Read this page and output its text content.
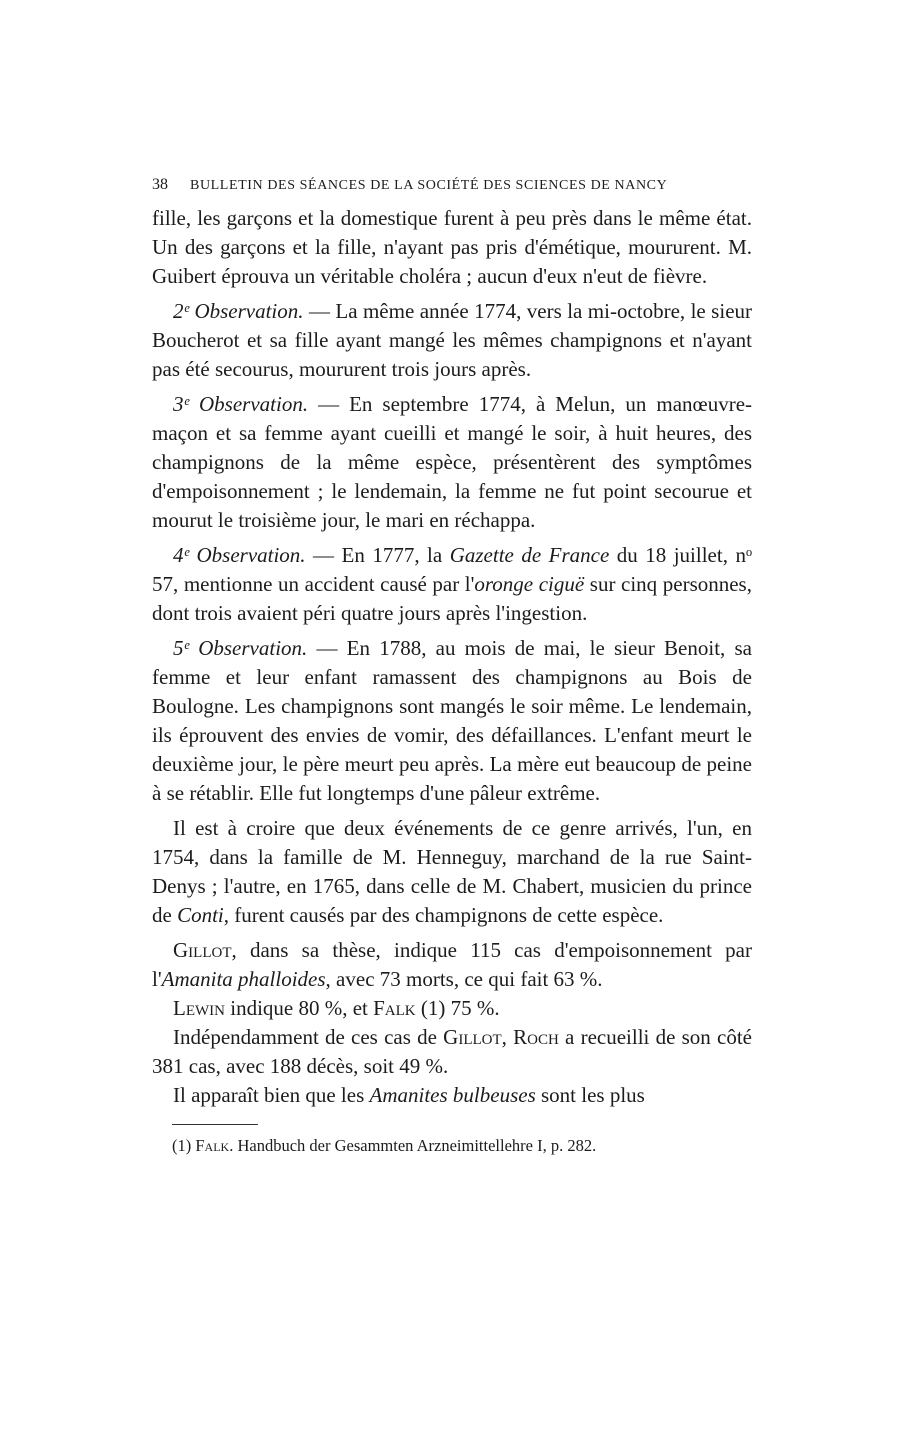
38 BULLETIN DES SÉANCES DE LA SOCIÉTÉ DES SCIENCES DE NANCY

fille, les garçons et la domestique furent à peu près dans le même état. Un des garçons et la fille, n'ayant pas pris d'émétique, moururent. M. Guibert éprouva un véritable choléra ; aucun d'eux n'eut de fièvre.

2ᵉ Observation. — La même année 1774, vers la mi-octobre, le sieur Boucherot et sa fille ayant mangé les mêmes champignons et n'ayant pas été secourus, moururent trois jours après.

3ᵉ Observation. — En septembre 1774, à Melun, un manœuvre-maçon et sa femme ayant cueilli et mangé le soir, à huit heures, des champignons de la même espèce, présentèrent des symptômes d'empoisonnement ; le lendemain, la femme ne fut point secourue et mourut le troisième jour, le mari en réchappa.

4ᵉ Observation. — En 1777, la Gazette de France du 18 juillet, nᵒ 57, mentionne un accident causé par l'oronge ciguë sur cinq personnes, dont trois avaient péri quatre jours après l'ingestion.

5ᵉ Observation. — En 1788, au mois de mai, le sieur Benoit, sa femme et leur enfant ramassent des champignons au Bois de Boulogne. Les champignons sont mangés le soir même. Le lendemain, ils éprouvent des envies de vomir, des défaillances. L'enfant meurt le deuxième jour, le père meurt peu après. La mère eut beaucoup de peine à se rétablir. Elle fut longtemps d'une pâleur extrême.

Il est à croire que deux événements de ce genre arrivés, l'un, en 1754, dans la famille de M. Henneguy, marchand de la rue Saint-Denys ; l'autre, en 1765, dans celle de M. Chabert, musicien du prince de Conti, furent causés par des champignons de cette espèce.

Gillot, dans sa thèse, indique 115 cas d'empoisonnement par l'Amanita phalloides, avec 73 morts, ce qui fait 63 %.

Lewin indique 80 %, et Falk (1) 75 %.

Indépendamment de ces cas de Gillot, Roch a recueilli de son côté 381 cas, avec 188 décès, soit 49 %.

Il apparaît bien que les Amanites bulbeuses sont les plus

(1) Falk. Handbuch der Gesammten Arzneimittellehre I, p. 282.
